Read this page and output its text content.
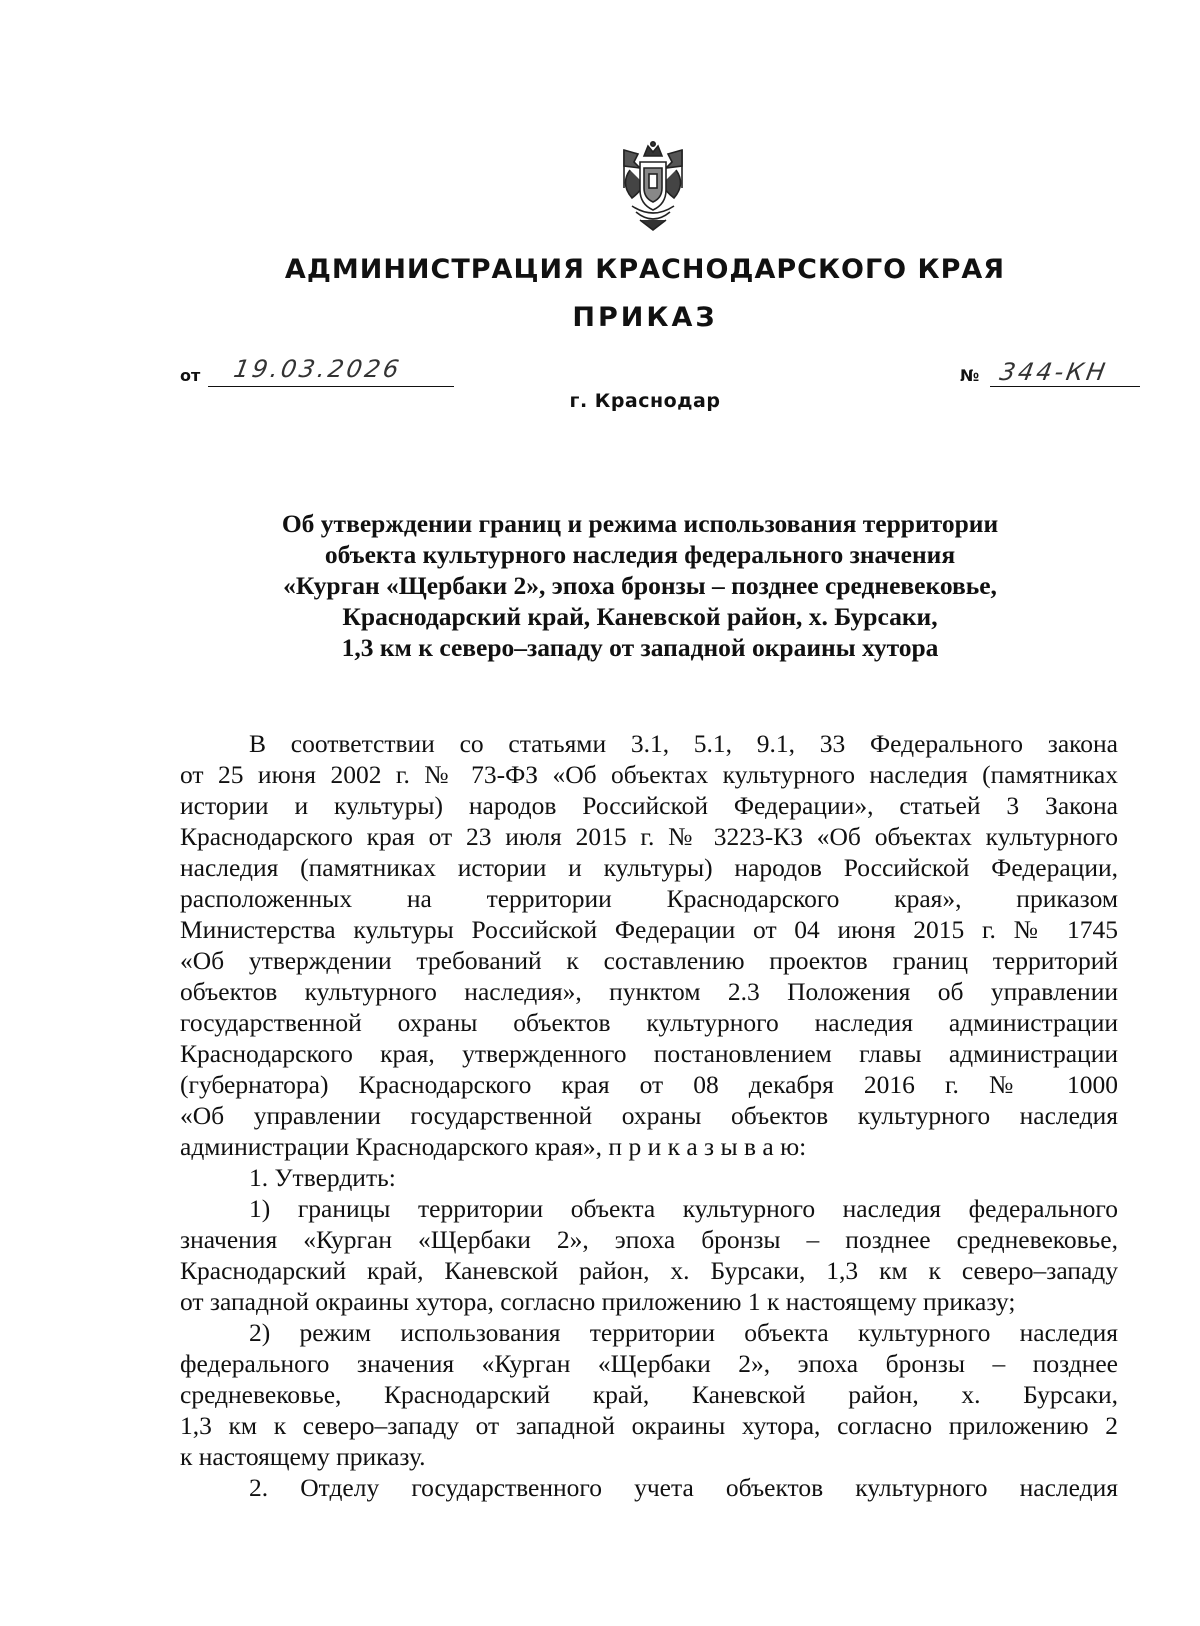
АДМИНИСТРАЦИЯ КРАСНОДАРСКОГО КРАЯ
ПРИКАЗ
от 19.03.2026	№ 344-КН
г. Краснодар
Об утверждении границ и режима использования территории
объекта культурного наследия федерального значения
«Курган «Щербаки 2», эпоха бронзы – позднее средневековье,
Краснодарский край, Каневской район, х. Бурсаки,
1,3 км к северо–западу от западной окраины хутора
В соответствии со статьями 3.1, 5.1, 9.1, 33 Федерального закона
от 25 июня 2002 г. № 73-ФЗ «Об объектах культурного наследия (памятниках
истории и культуры) народов Российской Федерации», статьей 3 Закона
Краснодарского края от 23 июля 2015 г. № 3223-КЗ «Об объектах культурного
наследия (памятниках истории и культуры) народов Российской Федерации,
расположенных на территории Краснодарского края», приказом
Министерства культуры Российской Федерации от 04 июня 2015 г. № 1745
«Об утверждении требований к составлению проектов границ территорий
объектов культурного наследия», пунктом 2.3 Положения об управлении
государственной охраны объектов культурного наследия администрации
Краснодарского края, утвержденного постановлением главы администрации
(губернатора) Краснодарского края от 08 декабря 2016 г. № 1000
«Об управлении государственной охраны объектов культурного наследия
администрации Краснодарского края», п р и к а з ы в а ю:
1. Утвердить:
1) границы территории объекта культурного наследия федерального
значения «Курган «Щербаки 2», эпоха бронзы – позднее средневековье,
Краснодарский край, Каневской район, х. Бурсаки, 1,3 км к северо–западу
от западной окраины хутора, согласно приложению 1 к настоящему приказу;
2) режим использования территории объекта культурного наследия
федерального значения «Курган «Щербаки 2», эпоха бронзы – позднее
средневековье, Краснодарский край, Каневской район, х. Бурсаки,
1,3 км к северо–западу от западной окраины хутора, согласно приложению 2
к настоящему приказу.
2. Отделу государственного учета объектов культурного наследия
